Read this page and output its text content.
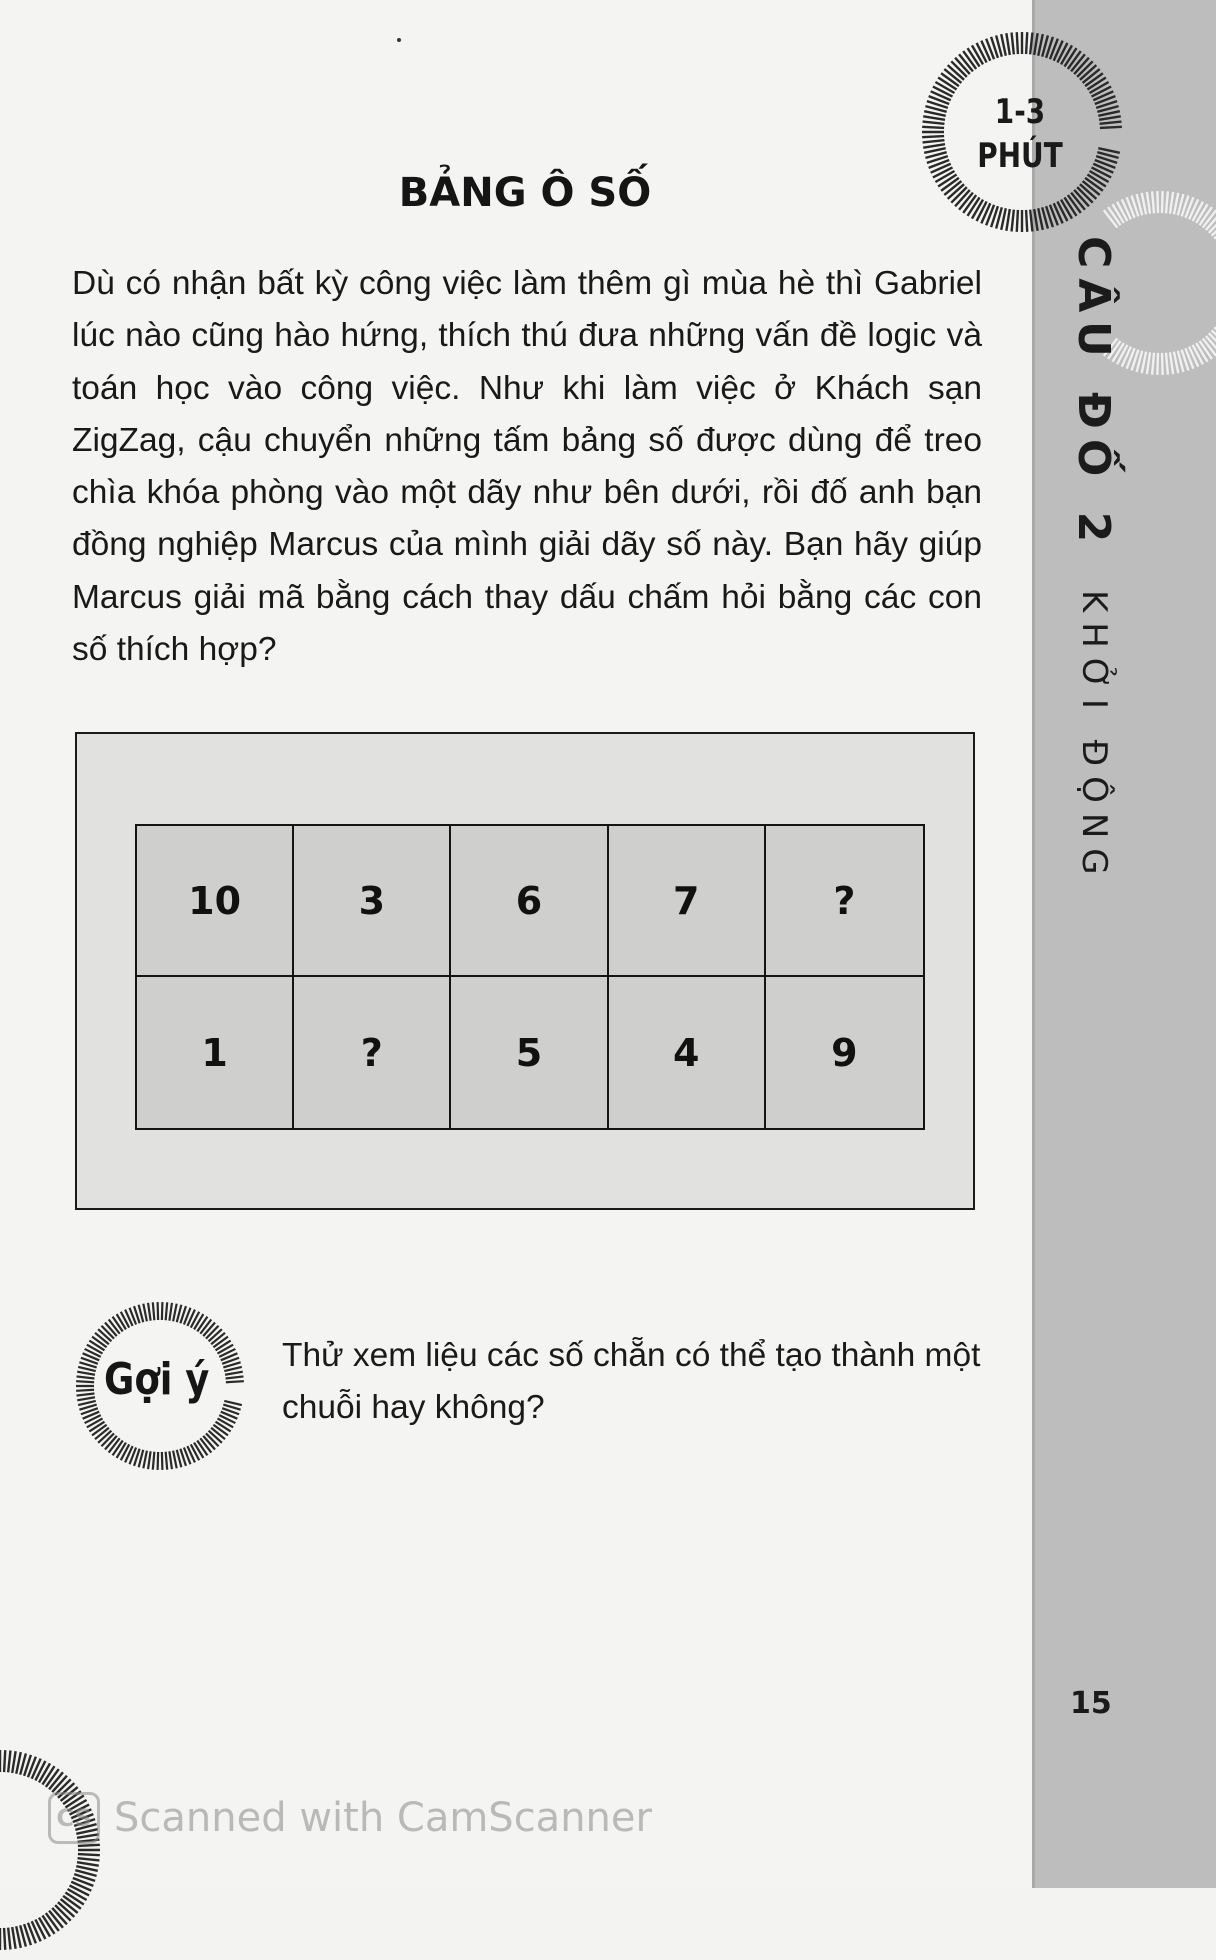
1-3
PHÚT
CÂU ĐỐ 2
KHỞI ĐỘNG
BẢNG Ô SỐ
Dù có nhận bất kỳ công việc làm thêm gì mùa hè thì Gabriel lúc nào cũng hào hứng, thích thú đưa những vấn đề logic và toán học vào công việc. Như khi làm việc ở Khách sạn ZigZag, cậu chuyển những tấm bảng số được dùng để treo chìa khóa phòng vào một dãy như bên dưới, rồi đố anh bạn đồng nghiệp Marcus của mình giải dãy số này. Bạn hãy giúp Marcus giải mã bằng cách thay dấu chấm hỏi bằng các con số thích hợp?
10	3	6	7	?
1	?	5	4	9
Gợi ý Thử xem liệu các số chẵn có thể tạo thành một chuỗi hay không?
15
CS Scanned with CamScanner
